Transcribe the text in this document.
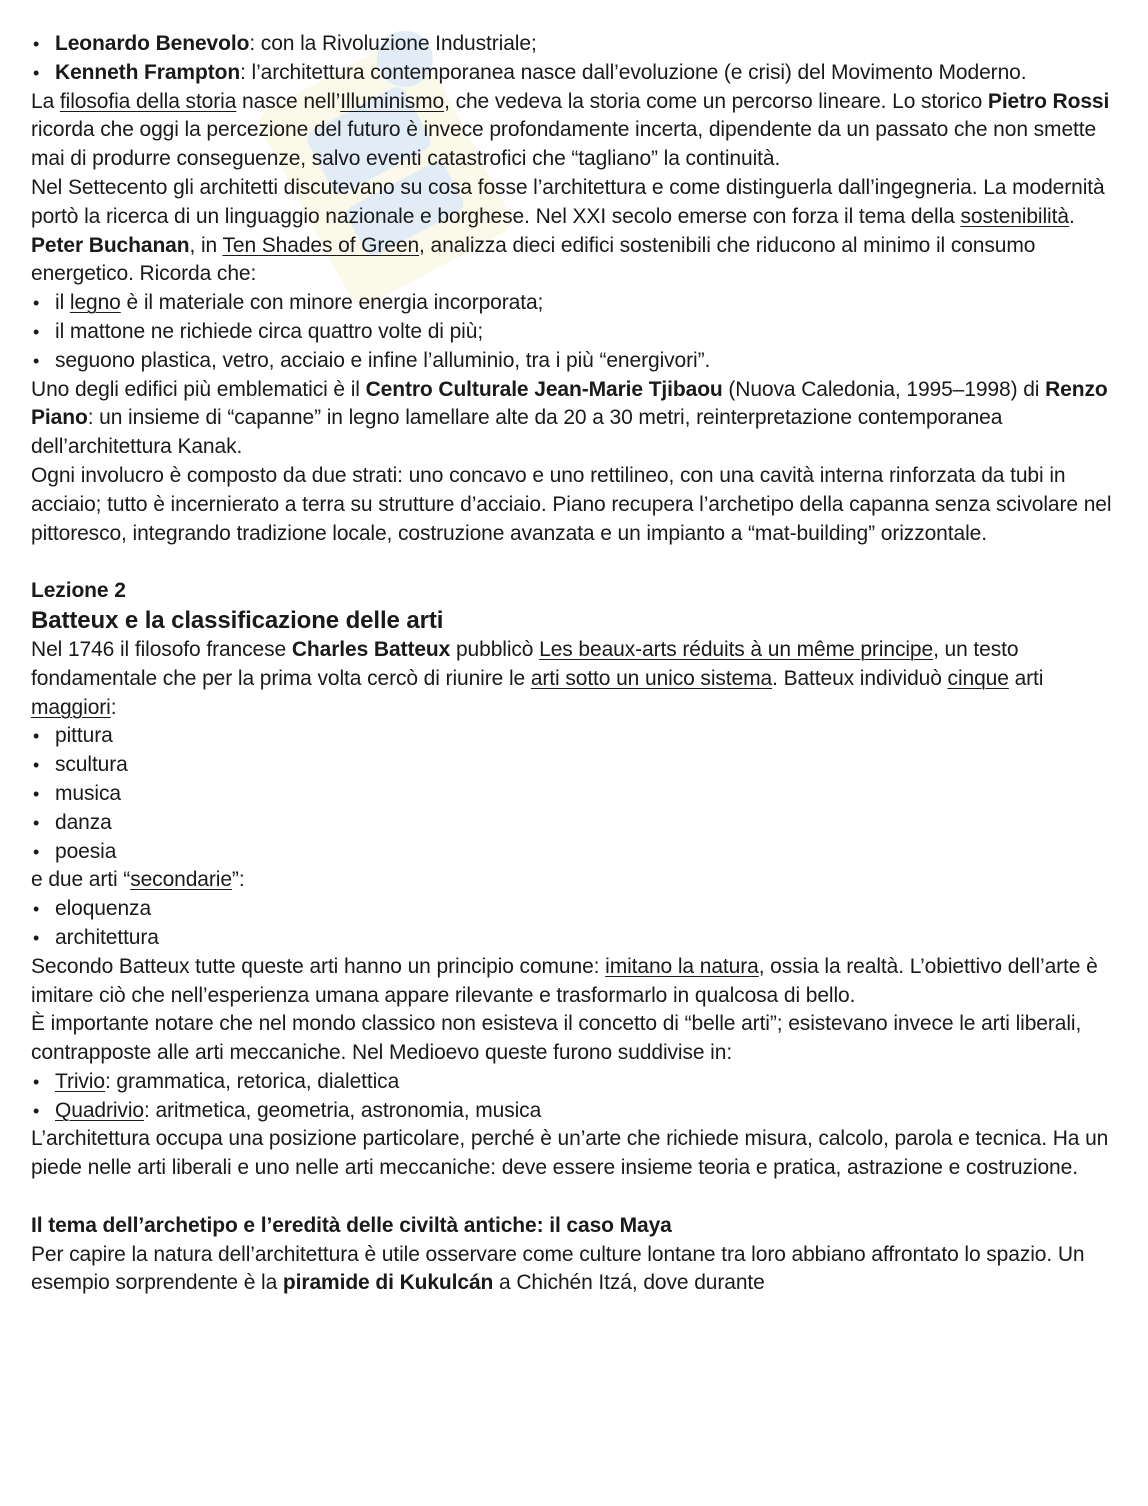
• Leonardo Benevolo: con la Rivoluzione Industriale;
• Kenneth Frampton: l’architettura contemporanea nasce dall’evoluzione (e crisi) del Movimento Moderno.

La filosofia della storia nasce nell’Illuminismo, che vedeva la storia come un percorso lineare. Lo storico Pietro Rossi ricorda che oggi la percezione del futuro è invece profondamente incerta, dipendente da un passato che non smette mai di produrre conseguenze, salvo eventi catastrofici che “tagliano” la continuità.

Nel Settecento gli architetti discutevano su cosa fosse l’architettura e come distinguerla dall’ingegneria. La modernità portò la ricerca di un linguaggio nazionale e borghese. Nel XXI secolo emerse con forza il tema della sostenibilità.

Peter Buchanan, in Ten Shades of Green, analizza dieci edifici sostenibili che riducono al minimo il consumo energetico. Ricorda che:

• il legno è il materiale con minore energia incorporata;
• il mattone ne richiede circa quattro volte di più;
• seguono plastica, vetro, acciaio e infine l’alluminio, tra i più “energivori”.

Uno degli edifici più emblematici è il Centro Culturale Jean-Marie Tjibaou (Nuova Caledonia, 1995–1998) di Renzo Piano: un insieme di “capanne” in legno lamellare alte da 20 a 30 metri, reinterpretazione contemporanea dell’architettura Kanak.

Ogni involucro è composto da due strati: uno concavo e uno rettilineo, con una cavità interna rinforzata da tubi in acciaio; tutto è incernierato a terra su strutture d’acciaio. Piano recupera l’archetipo della capanna senza scivolare nel pittoresco, integrando tradizione locale, costruzione avanzata e un impianto a “mat-building” orizzontale.

Lezione 2

Batteux e la classificazione delle arti

Nel 1746 il filosofo francese Charles Batteux pubblicò Les beaux-arts réduits à un même principe, un testo fondamentale che per la prima volta cercò di riunire le arti sotto un unico sistema. Batteux individuò cinque arti maggiori:

• pittura
• scultura
• musica
• danza
• poesia

e due arti “secondarie”:

• eloquenza
• architettura

Secondo Batteux tutte queste arti hanno un principio comune: imitano la natura, ossia la realtà. L’obiettivo dell’arte è imitare ciò che nell’esperienza umana appare rilevante e trasformarlo in qualcosa di bello.

È importante notare che nel mondo classico non esisteva il concetto di “belle arti”; esistevano invece le arti liberali, contrapposte alle arti meccaniche. Nel Medioevo queste furono suddivise in:

• Trivio: grammatica, retorica, dialettica
• Quadrivio: aritmetica, geometria, astronomia, musica

L’architettura occupa una posizione particolare, perché è un’arte che richiede misura, calcolo, parola e tecnica. Ha un piede nelle arti liberali e uno nelle arti meccaniche: deve essere insieme teoria e pratica, astrazione e costruzione.

Il tema dell’archetipo e l’eredità delle civiltà antiche: il caso Maya

Per capire la natura dell’architettura è utile osservare come culture lontane tra loro abbiano affrontato lo spazio. Un esempio sorprendente è la piramide di Kukulcán a Chichén Itzá, dove durante
